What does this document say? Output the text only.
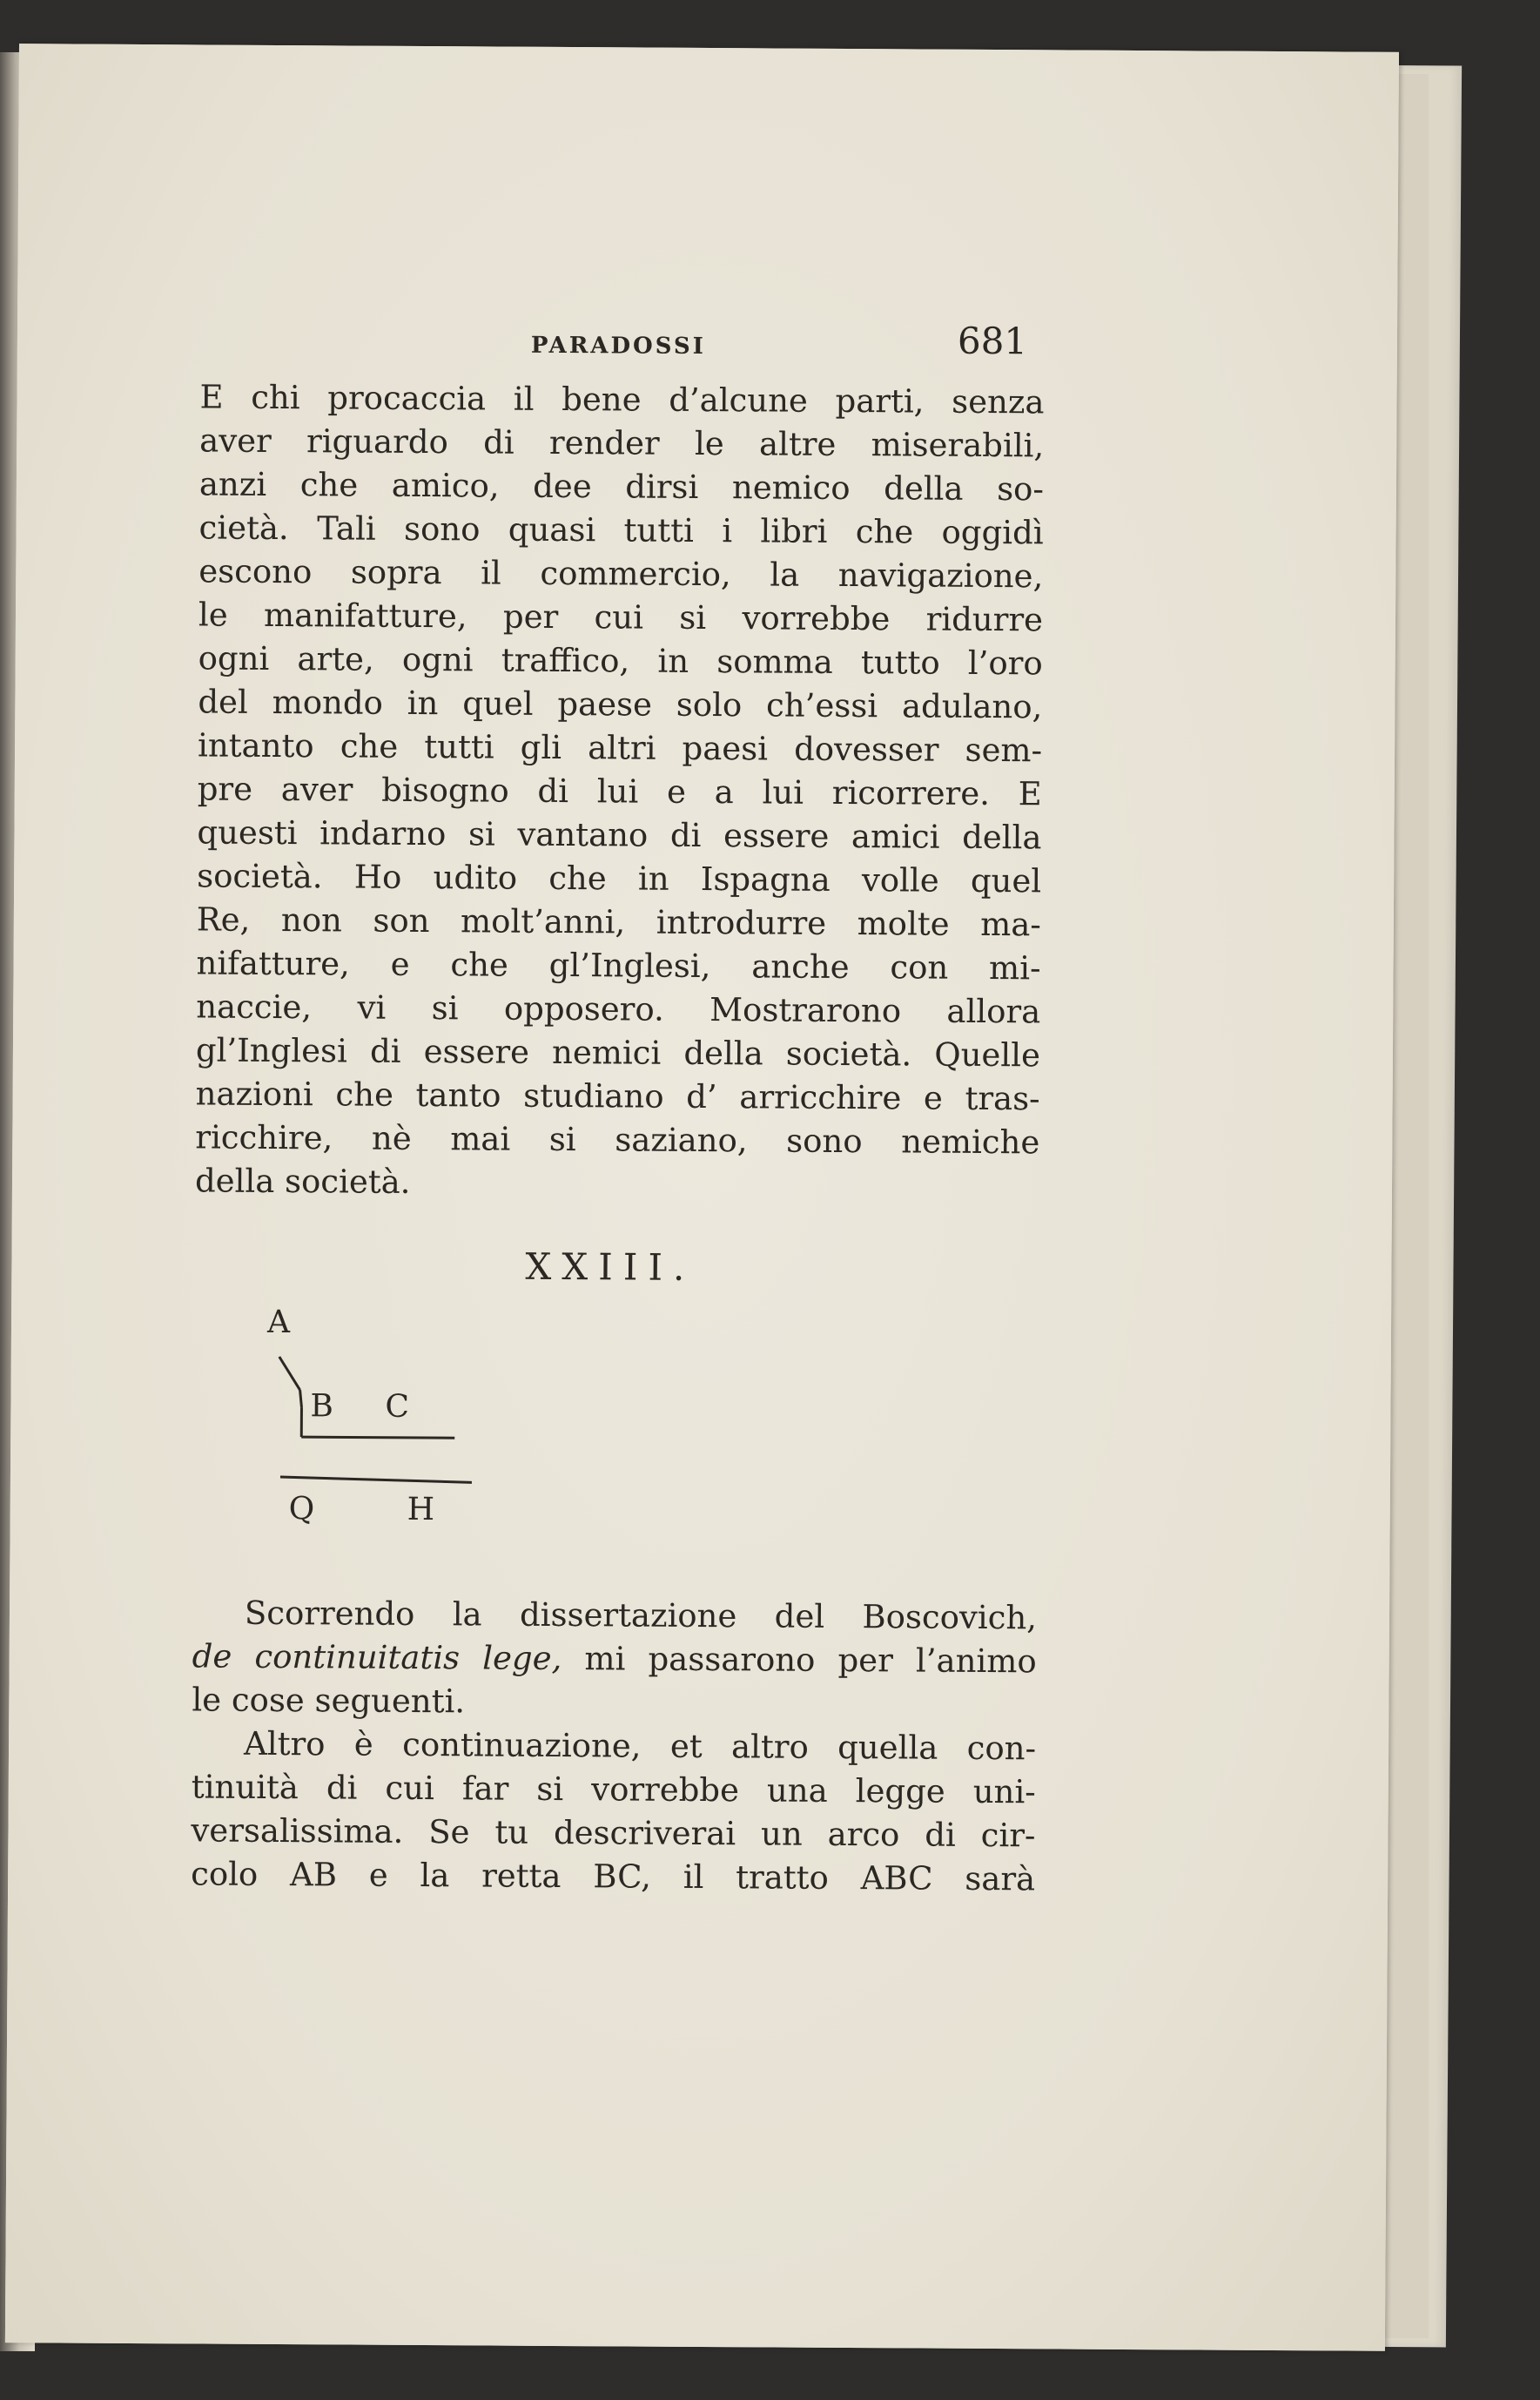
PARADOSSI	681

E chi procaccia il bene d’alcune parti, senza
aver riguardo di render le altre miserabili,
anzi che amico, dee dirsi nemico della so-
cietà. Tali sono quasi tutti i libri che oggidì
escono sopra il commercio, la navigazione,
le manifatture, per cui si vorrebbe ridurre
ogni arte, ogni traffico, in somma tutto l’oro
del mondo in quel paese solo ch’essi adulano,
intanto che tutti gli altri paesi dovesser sem-
pre aver bisogno di lui e a lui ricorrere. E
questi indarno si vantano di essere amici della
società. Ho udito che in Ispagna volle quel
Re, non son molt’anni, introdurre molte ma-
nifatture, e che gl’Inglesi, anche con mi-
naccie, vi si opposero. Mostrarono allora
gl’Inglesi di essere nemici della società. Quelle
nazioni che tanto studiano d’ arricchire e tras-
ricchire, nè mai si saziano, sono nemiche
della società.

XXIII.
A
B C
Q	H

Scorrendo la dissertazione del Boscovich,
de continuitatis lege, mi passarono per l’animo
le cose seguenti.

Altro è continuazione, et altro quella con-
tinuità di cui far si vorrebbe una legge uni-
versalissima. Se tu descriverai un arco di cir-
colo AB e la retta BC, il tratto ABC sarà
